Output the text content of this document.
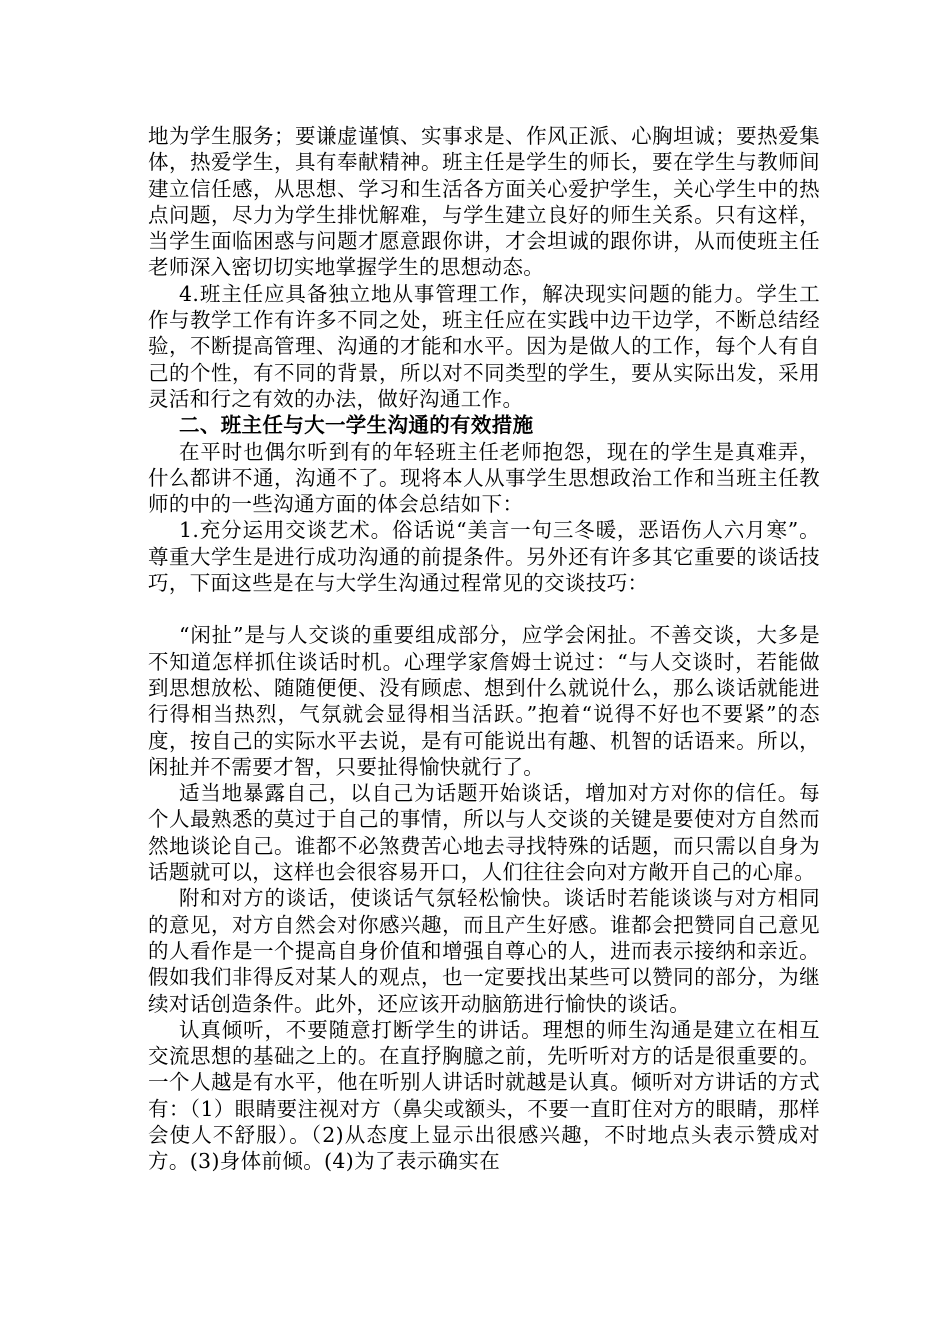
地为学生服务；要谦虚谨慎、实事求是、作风正派、心胸坦诚；要热爱集体，热爱学生，具有奉献精神。班主任是学生的师长，要在学生与教师间建立信任感，从思想、学习和生活各方面关心爱护学生，关心学生中的热点问题，尽力为学生排忧解难，与学生建立良好的师生关系。只有这样，当学生面临困惑与问题才愿意跟你讲，才会坦诚的跟你讲，从而使班主任老师深入密切切实地掌握学生的思想动态。

4.班主任应具备独立地从事管理工作，解决现实问题的能力。学生工作与教学工作有许多不同之处，班主任应在实践中边干边学，不断总结经验，不断提高管理、沟通的才能和水平。因为是做人的工作，每个人有自己的个性，有不同的背景，所以对不同类型的学生，要从实际出发，采用灵活和行之有效的办法，做好沟通工作。

二、班主任与大一学生沟通的有效措施

在平时也偶尔听到有的年轻班主任老师抱怨，现在的学生是真难弄，什么都讲不通，沟通不了。现将本人从事学生思想政治工作和当班主任教师的中的一些沟通方面的体会总结如下：

1.充分运用交谈艺术。俗话说“美言一句三冬暖，恶语伤人六月寒”。尊重大学生是进行成功沟通的前提条件。另外还有许多其它重要的谈话技巧，下面这些是在与大学生沟通过程常见的交谈技巧：

“闲扯”是与人交谈的重要组成部分，应学会闲扯。不善交谈，大多是不知道怎样抓住谈话时机。心理学家詹姆士说过：“与人交谈时，若能做到思想放松、随随便便、没有顾虑、想到什么就说什么，那么谈话就能进行得相当热烈，气氛就会显得相当活跃。”抱着“说得不好也不要紧”的态度，按自己的实际水平去说，是有可能说出有趣、机智的话语来。所以，闲扯并不需要才智，只要扯得愉快就行了。

适当地暴露自己，以自己为话题开始谈话，增加对方对你的信任。每个人最熟悉的莫过于自己的事情，所以与人交谈的关键是要使对方自然而然地谈论自己。谁都不必煞费苦心地去寻找特殊的话题，而只需以自身为话题就可以，这样也会很容易开口，人们往往会向对方敞开自己的心扉。

附和对方的谈话，使谈话气氛轻松愉快。谈话时若能谈谈与对方相同的意见，对方自然会对你感兴趣，而且产生好感。谁都会把赞同自己意见的人看作是一个提高自身价值和增强自尊心的人，进而表示接纳和亲近。假如我们非得反对某人的观点，也一定要找出某些可以赞同的部分，为继续对话创造条件。此外，还应该开动脑筋进行愉快的谈话。

认真倾听，不要随意打断学生的讲话。理想的师生沟通是建立在相互交流思想的基础之上的。在直抒胸臆之前，先听听对方的话是很重要的。一个人越是有水平，他在听别人讲话时就越是认真。倾听对方讲话的方式有：（1）眼睛要注视对方（鼻尖或额头，不要一直盯住对方的眼睛，那样会使人不舒服）。（2)从态度上显示出很感兴趣，不时地点头表示赞成对方。(3)身体前倾。(4)为了表示确实在
